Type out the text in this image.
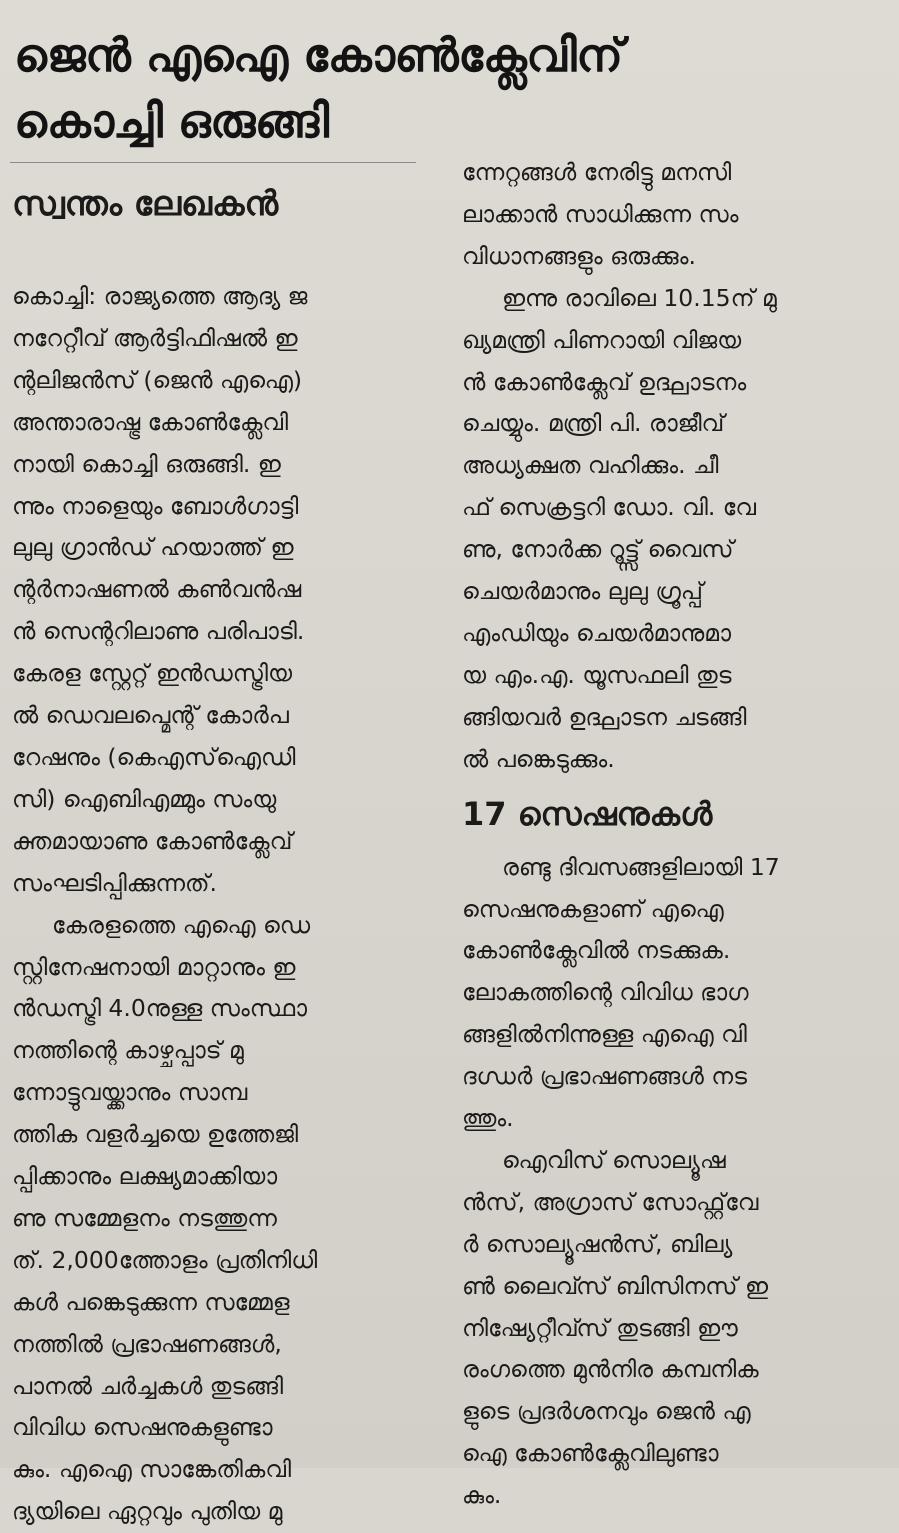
ജെൻ എഐ കോൺക്ലേവിന്
കൊച്ചി ഒരുങ്ങി
സ്വന്തം ലേഖകൻ
കൊച്ചി: രാജ്യത്തെ ആദ്യ ജ
നറേറ്റീവ് ആർട്ടിഫിഷൽ ഇ
ന്റലിജൻസ് (ജെൻ എഐ)
അന്താരാഷ്ട്ര കോൺക്ലേവി
നായി കൊച്ചി ഒരുങ്ങി. ഇ
ന്നും നാളെയും ബോൾഗാട്ടി
ലുലു ഗ്രാൻഡ് ഹയാത്ത് ഇ
ന്റർനാഷണൽ കൺവൻഷ
ൻ സെന്ററിലാണു പരിപാടി.
കേരള സ്റ്റേറ്റ് ഇൻഡസ്ട്രിയ
ൽ ഡെവലപ്മെന്റ് കോർപ
റേഷനും (കെഎസ്ഐഡി
സി) ഐബിഎമ്മും സംയു
ക്തമായാണു കോൺക്ലേവ്
സംഘടിപ്പിക്കുന്നത്.
കേരളത്തെ എഐ ഡെ
സ്റ്റിനേഷനായി മാറ്റാനും ഇ
ൻഡസ്ട്രി 4.0നുള്ള സംസ്ഥാ
നത്തിന്റെ കാഴ്ചപ്പാട് മു
ന്നോട്ടുവയ്ക്കാനും സാമ്പ
ത്തിക വളർച്ചയെ ഉത്തേജി
പ്പിക്കാനും ലക്ഷ്യമാക്കിയാ
ണു സമ്മേളനം നടത്തുന്ന
ത്. 2,000ത്തോളം പ്രതിനിധി
കൾ പങ്കെടുക്കുന്ന സമ്മേള
നത്തിൽ പ്രഭാഷണങ്ങൾ,
പാനൽ ചർച്ചകൾ തുടങ്ങി
വിവിധ സെഷനുകളുണ്ടാ
കും. എഐ സാങ്കേതികവി
ദ്യയിലെ ഏറ്റവും പുതിയ മു
ന്നേറ്റങ്ങൾ നേരിട്ടു മനസി
ലാക്കാൻ സാധിക്കുന്ന സം
വിധാനങ്ങളും ഒരുക്കും.
ഇന്നു രാവിലെ 10.15ന് മു
ഖ്യമന്ത്രി പിണറായി വിജയ
ൻ കോൺക്ലേവ് ഉദ്ഘാടനം
ചെയ്യും. മന്ത്രി പി. രാജീവ്
അധ്യക്ഷത വഹിക്കും. ചീ
ഫ് സെക്രട്ടറി ഡോ. വി. വേ
ണു, നോർക്ക റൂട്ട്സ് വൈസ്
ചെയർമാനും ലുലു ഗ്രൂപ്പ്
എംഡിയും ചെയർമാനുമാ
യ എം.എ. യൂസഫലി തുട
ങ്ങിയവർ ഉദ്ഘാടന ചടങ്ങി
ൽ പങ്കെടുക്കും.
17 സെഷനുകൾ
രണ്ടു ദിവസങ്ങളിലായി 17
സെഷനുകളാണ് എഐ
കോൺക്ലേവിൽ നടക്കുക.
ലോകത്തിന്റെ വിവിധ ഭാഗ
ങ്ങളിൽനിന്നുള്ള എഐ വി
ദഗ്ധർ പ്രഭാഷണങ്ങൾ നട
ത്തും.
ഐവിസ് സൊല്യൂഷ
ൻസ്, അഗ്രാസ് സോഫ്റ്റ്‌വേ
ർ സൊല്യൂഷൻസ്, ബില്യ
ൺ ലൈവ്സ് ബിസിനസ് ഇ
നിഷ്യേറ്റീവ്സ് തുടങ്ങി ഈ
രംഗത്തെ മുൻനിര കമ്പനിക
ളുടെ പ്രദർശനവും ജെൻ എ
ഐ കോൺക്ലേവിലുണ്ടാ
കും.
